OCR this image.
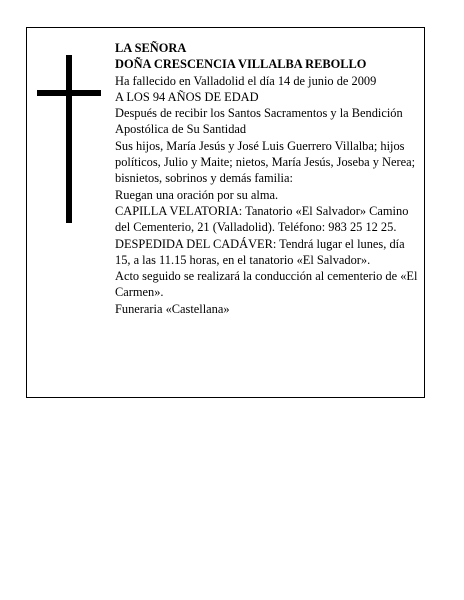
LA SEÑORA
DOÑA CRESCENCIA VILLALBA REBOLLO
Ha fallecido en Valladolid el día 14 de junio de 2009
A LOS 94 AÑOS DE EDAD
Después de recibir los Santos Sacramentos y la Bendición Apostólica de Su Santidad
Sus hijos, María Jesús y José Luis Guerrero Villalba; hijos políticos, Julio y Maite; nietos, María Jesús, Joseba y Nerea; bisnietos, sobrinos y demás familia:
Ruegan una oración por su alma.
CAPILLA VELATORIA: Tanatorio «El Salvador» Camino del Cementerio, 21 (Valladolid). Teléfono: 983 25 12 25.
DESPEDIDA DEL CADÁVER: Tendrá lugar el lunes, día 15, a las 11.15 horas, en el tanatorio «El Salvador».
Acto seguido se realizará la conducción al cementerio de «El Carmen».
Funeraria «Castellana»
